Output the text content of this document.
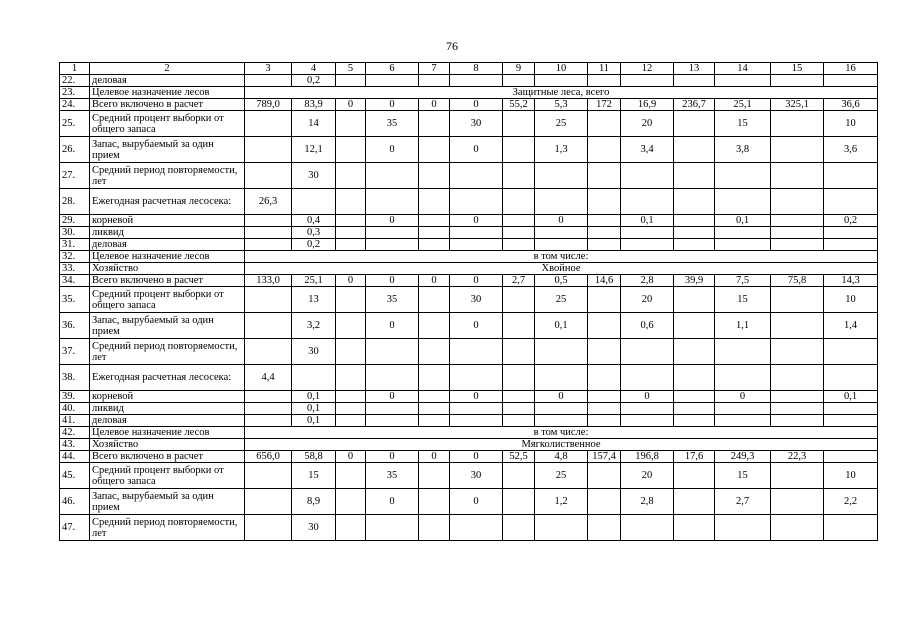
76
1	2	3	4	5	6	7	8	9	10	11	12	13	14	15	16
22.	деловая		0,2												
23.	Целевое назначение лесов	Защитные леса, всего													
24.	Всего включено в расчет	789,0	83,9	0	0	0	0	55,2	5,3	172	16,9	236,7	25,1	325,1	36,6
25.	Средний процент выборки от общего запаса		14		35		30		25		20		15		10
26.	Запас, вырубаемый за один прием		12,1		0		0		1,3		3,4		3,8		3,6
27.	Средний период повторяемости, лет		30												
28.	Ежегодная расчетная лесосека:	26,3													
29.	корневой		0,4		0		0		0		0,1		0,1		0,2
30.	ликвид		0,3												
31.	деловая		0,2												
32.	Целевое назначение лесов	в том числе:													
33.	Хозяйство	Хвойное													
34.	Всего включено в расчет	133,0	25,1	0	0	0	0	2,7	0,5	14,6	2,8	39,9	7,5	75,8	14,3
35.	Средний процент выборки от общего запаса		13		35		30		25		20		15		10
36.	Запас, вырубаемый за один прием		3,2		0		0		0,1		0,6		1,1		1,4
37.	Средний период повторяемости, лет		30												
38.	Ежегодная расчетная лесосека:	4,4													
39.	корневой		0,1		0		0		0		0		0		0,1
40.	ликвид		0,1												
41.	деловая		0,1												
42.	Целевое назначение лесов	в том числе:													
43.	Хозяйство	Мягколиственное													
44.	Всего включено в расчет	656,0	58,8	0	0	0	0	52,5	4,8	157,4	196,8	17,6	249,3	22,3	
45.	Средний процент выборки от общего запаса		15		35		30		25		20		15		10
46.	Запас, вырубаемый за один прием		8,9		0		0		1,2		2,8		2,7		2,2
47.	Средний период повторяемости, лет		30												
